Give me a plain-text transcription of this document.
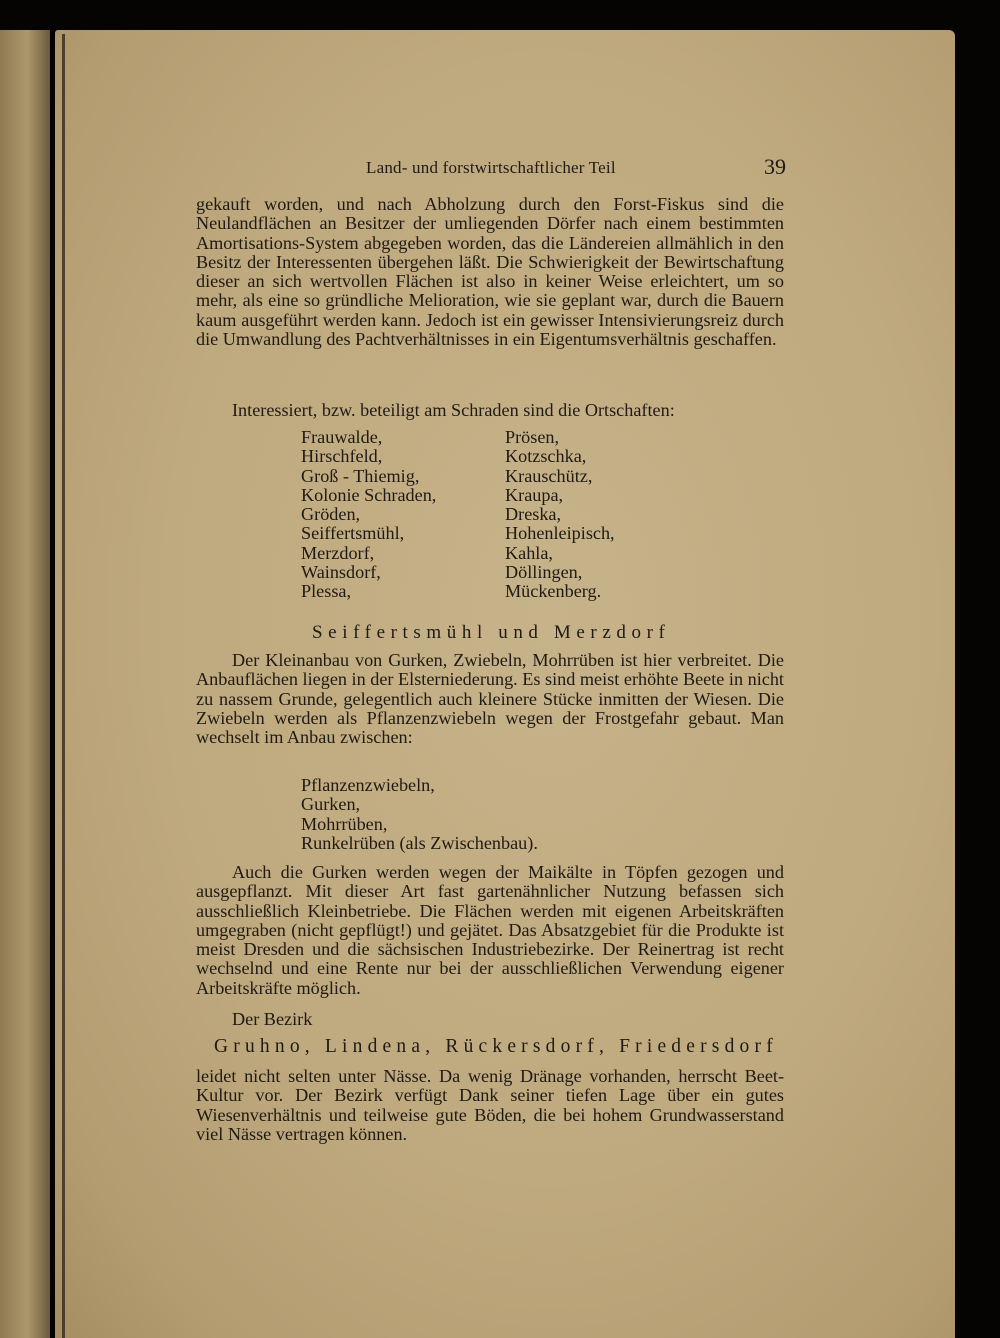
Land- und forstwirtschaftlicher Teil	39

gekauft worden, und nach Abholzung durch den Forst-Fiskus sind die Neulandflächen an Besitzer der umliegenden Dörfer nach einem bestimmten Amortisations-System abgegeben worden, das die Ländereien allmählich in den Besitz der Interessenten übergehen läßt. Die Schwierigkeit der Bewirtschaftung dieser an sich wertvollen Flächen ist also in keiner Weise erleichtert, um so mehr, als eine so gründliche Melioration, wie sie geplant war, durch die Bauern kaum ausgeführt werden kann. Jedoch ist ein gewisser Intensivierungsreiz durch die Umwandlung des Pachtverhältnisses in ein Eigentumsverhältnis geschaffen.

Interessiert, bzw. beteiligt am Schraden sind die Ortschaften:
Frauwalde,
Hirschfeld,
Groß - Thiemig,
Kolonie Schraden,
Gröden,
Seiffertsmühl,
Merzdorf,
Wainsdorf,
Plessa,
Prösen,
Kotzschka,
Krauschütz,
Kraupa,
Dreska,
Hohenleipisch,
Kahla,
Döllingen,
Mückenberg.
Seiffertsmühl und Merzdorf

Der Kleinanbau von Gurken, Zwiebeln, Mohrrüben ist hier verbreitet. Die Anbauflächen liegen in der Elsterniederung. Es sind meist erhöhte Beete in nicht zu nassem Grunde, gelegentlich auch kleinere Stücke inmitten der Wiesen. Die Zwiebeln werden als Pflanzenzwiebeln wegen der Frostgefahr gebaut. Man wechselt im Anbau zwischen:

Pflanzenzwiebeln,
Gurken,
Mohrrüben,
Runkelrüben (als Zwischenbau).

Auch die Gurken werden wegen der Maikälte in Töpfen gezogen und ausgepflanzt. Mit dieser Art fast gartenähnlicher Nutzung befassen sich ausschließlich Kleinbetriebe. Die Flächen werden mit eigenen Arbeitskräften umgegraben (nicht gepflügt!) und gejätet. Das Absatzgebiet für die Produkte ist meist Dresden und die sächsischen Industriebezirke. Der Reinertrag ist recht wechselnd und eine Rente nur bei der ausschließlichen Verwendung eigener Arbeitskräfte möglich.

Der Bezirk
Gruhno, Lindena, Rückersdorf, Friedersdorf

leidet nicht selten unter Nässe. Da wenig Dränage vorhanden, herrscht Beet-Kultur vor. Der Bezirk verfügt Dank seiner tiefen Lage über ein gutes Wiesenverhältnis und teilweise gute Böden, die bei hohem Grundwasserstand viel Nässe vertragen können.
